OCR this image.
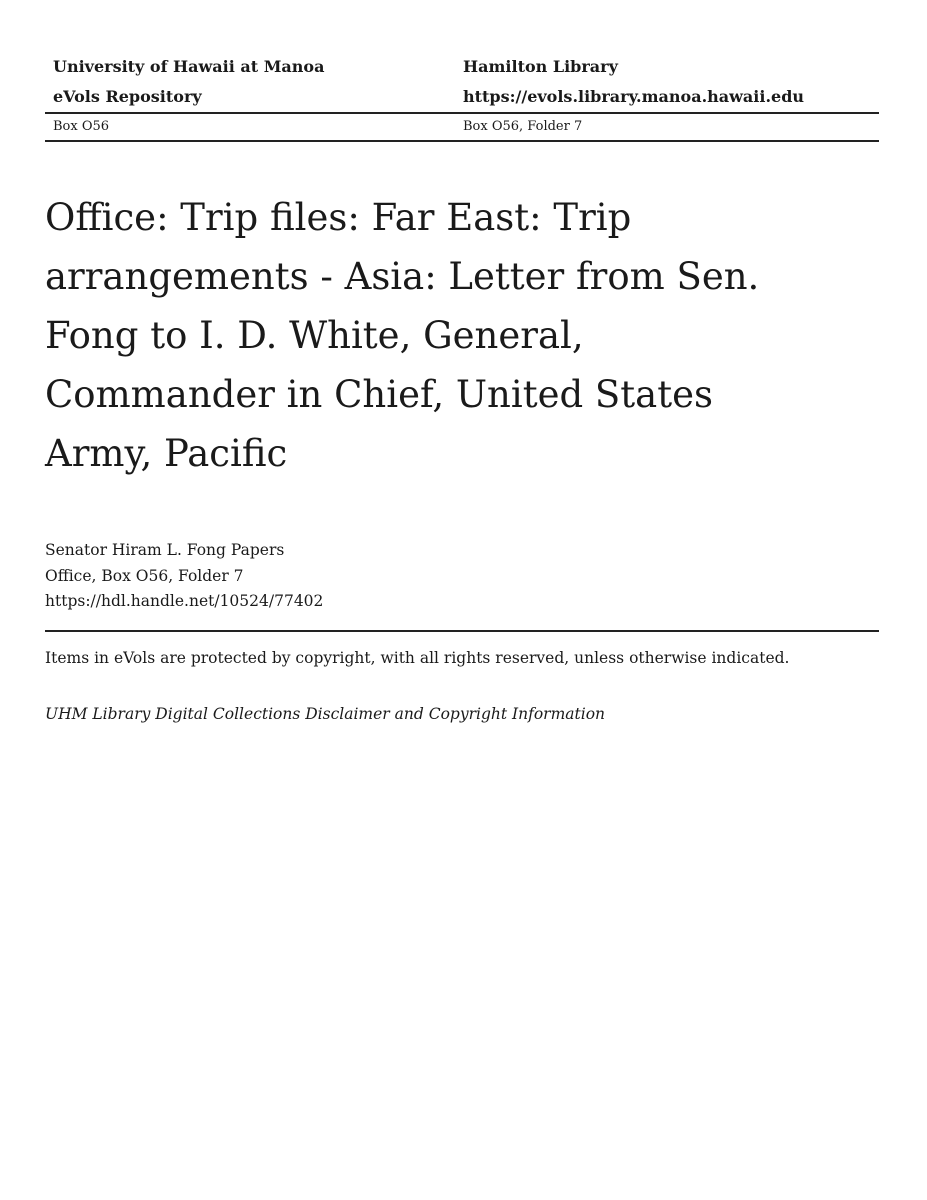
University of Hawaii at Manoa	Hamilton Library
eVols Repository	https://evols.library.manoa.hawaii.edu
Box O56	Box O56, Folder 7
Office: Trip files: Far East: Trip arrangements - Asia: Letter from Sen. Fong to I. D. White, General, Commander in Chief, United States Army, Pacific
Senator Hiram L. Fong Papers
Office, Box O56, Folder 7
https://hdl.handle.net/10524/77402
Items in eVols are protected by copyright, with all rights reserved, unless otherwise indicated.
UHM Library Digital Collections Disclaimer and Copyright Information
